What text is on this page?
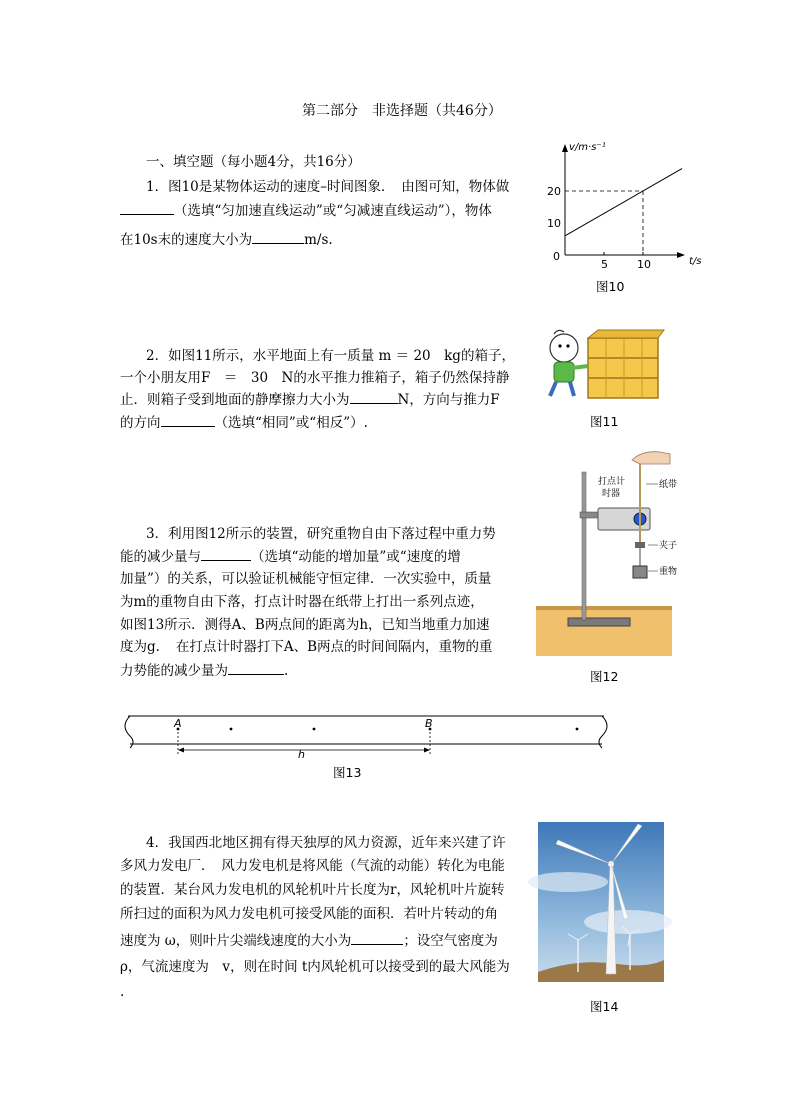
第二部分　非选择题（共46分）
一、填空题（每小题4分，共16分）
1．图10是某物体运动的速度–时间图象．　由图可知，物体做
（选填“匀加速直线运动”或“匀减速直线运动”），物体
在10s末的速度大小为	m/s.
v/m·s⁻¹
t/s
0
10
20
5	10
图10
2．如图11所示，水平地面上有一质量 m ＝ 20　kg的箱子，
一个小朋友用F　＝　30　N的水平推力推箱子，箱子仍然保持静
止．则箱子受到地面的静摩擦力大小为	N，方向与推力F
的方向	（选填“相同”或“相反”）.	图11
3．利用图12所示的装置，研究重物自由下落过程中重力势
能的减少量与	（选填“动能的增加量”或“速度的增
加量”）的关系，可以验证机械能守恒定律．一次实验中，质量
为m的重物自由下落，打点计时器在纸带上打出一系列点迹，
如图13所示．测得A、B两点间的距离为h，已知当地重力加速
度为g．　在打点计时器打下A、B两点的时间间隔内，重物的重
力势能的减少量为	.
打点计
时器
纸带
夹子
重物
图12
A	B
h
图13
4．我国西北地区拥有得天独厚的风力资源，近年来兴建了许
多风力发电厂．　风力发电机是将风能（气流的动能）转化为电能
的装置．某台风力发电机的风轮机叶片长度为r，风轮机叶片旋转
所扫过的面积为风力发电机可接受风能的面积．若叶片转动的角
速度为 ω，则叶片尖端线速度的大小为	；设空气密度为
ρ，气流速度为　v，则在时间 t内风轮机可以接受到的最大风能为
.
图14
